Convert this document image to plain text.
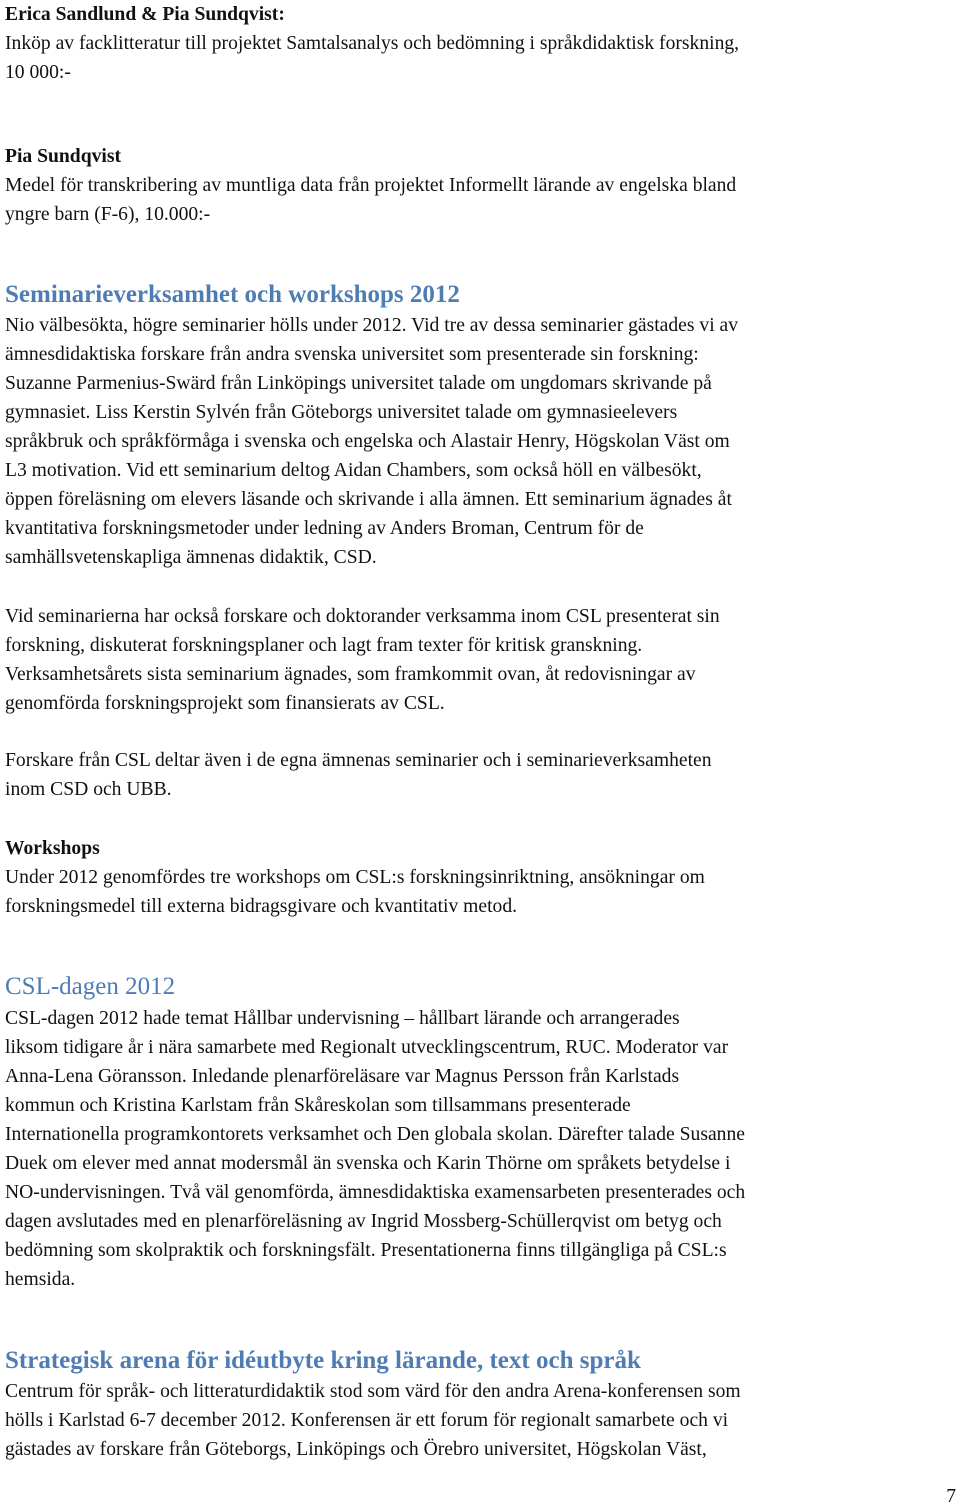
Erica Sandlund & Pia Sundqvist:
Inköp av facklitteratur till projektet Samtalsanalys och bedömning i språkdidaktisk forskning,
10 000:-
Pia Sundqvist
Medel för transkribering av muntliga data från projektet Informellt lärande av engelska bland
yngre barn (F-6), 10.000:-
Seminarieverksamhet och workshops 2012
Nio välbesökta, högre seminarier hölls under 2012. Vid tre av dessa seminarier gästades vi av
ämnesdidaktiska forskare från andra svenska universitet som presenterade sin forskning:
Suzanne Parmenius-Swärd från Linköpings universitet talade om ungdomars skrivande på
gymnasiet. Liss Kerstin Sylvén från Göteborgs universitet talade om gymnasieelevers
språkbruk och språkförmåga i svenska och engelska och Alastair Henry, Högskolan Väst om
L3 motivation. Vid ett seminarium deltog Aidan Chambers, som också höll en välbesökt,
öppen föreläsning om elevers läsande och skrivande i alla ämnen. Ett seminarium ägnades åt
kvantitativa forskningsmetoder under ledning av Anders Broman, Centrum för de
samhällsvetenskapliga ämnenas didaktik, CSD.
Vid seminarierna har också forskare och doktorander verksamma inom CSL presenterat sin
forskning, diskuterat forskningsplaner och lagt fram texter för kritisk granskning.
Verksamhetsårets sista seminarium ägnades, som framkommit ovan, åt redovisningar av
genomförda forskningsprojekt som finansierats av CSL.
Forskare från CSL deltar även i de egna ämnenas seminarier och i seminarieverksamheten
inom CSD och UBB.
Workshops
Under 2012 genomfördes tre workshops om CSL:s forskningsinriktning, ansökningar om
forskningsmedel till externa bidragsgivare och kvantitativ metod.
CSL-dagen 2012
CSL-dagen 2012 hade temat Hållbar undervisning – hållbart lärande och arrangerades
liksom tidigare år i nära samarbete med Regionalt utvecklingscentrum, RUC. Moderator var
Anna-Lena Göransson. Inledande plenarföreläsare var Magnus Persson från Karlstads
kommun och Kristina Karlstam från Skåreskolan som tillsammans presenterade
Internationella programkontorets verksamhet och Den globala skolan. Därefter talade Susanne
Duek om elever med annat modersmål än svenska och Karin Thörne om språkets betydelse i
NO-undervisningen. Två väl genomförda, ämnesdidaktiska examensarbeten presenterades och
dagen avslutades med en plenarföreläsning av Ingrid Mossberg-Schüllerqvist om betyg och
bedömning som skolpraktik och forskningsfält. Presentationerna finns tillgängliga på CSL:s
hemsida.
Strategisk arena för idéutbyte kring lärande, text och språk
Centrum för språk- och litteraturdidaktik stod som värd för den andra Arena-konferensen som
hölls i Karlstad 6-7 december 2012. Konferensen är ett forum för regionalt samarbete och vi
gästades av forskare från Göteborgs, Linköpings och Örebro universitet, Högskolan Väst,
7
